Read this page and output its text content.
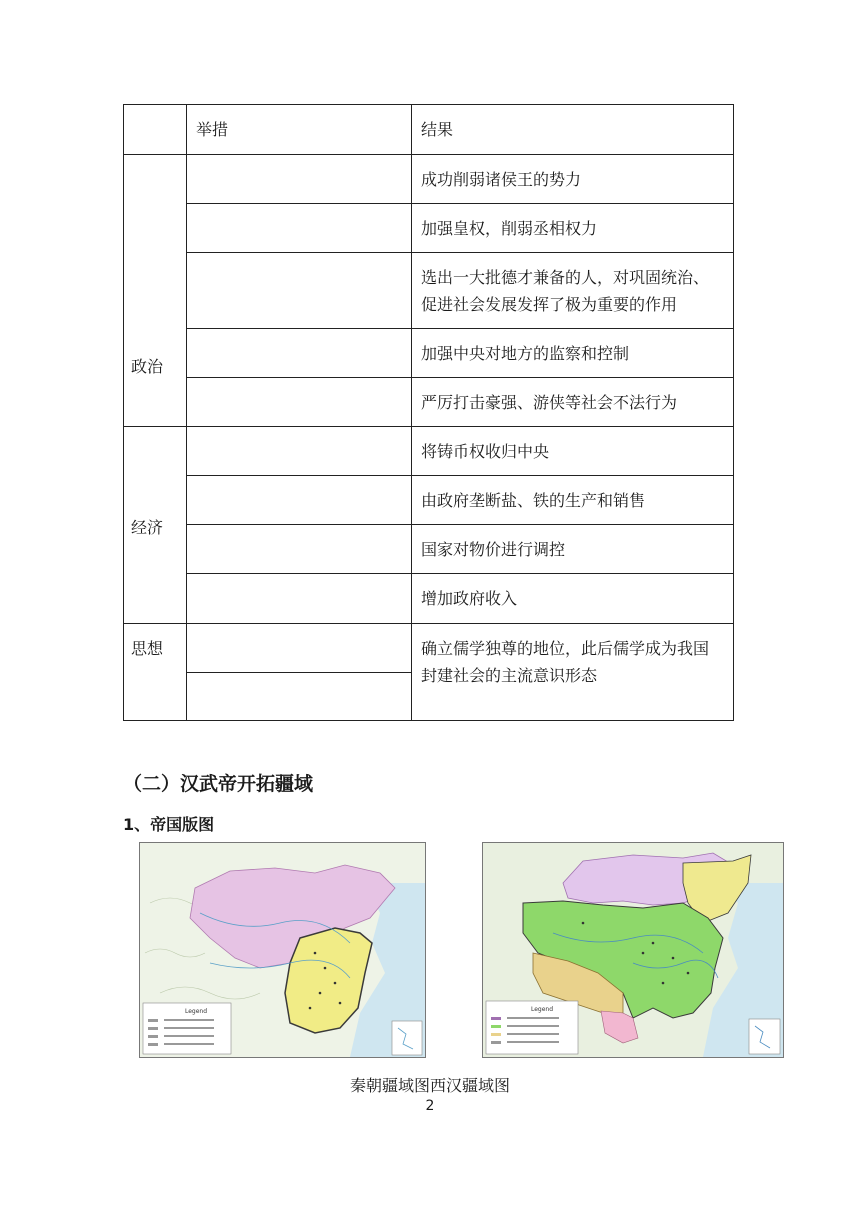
举措	结果
政治
经济
思想
成功削弱诸侯王的势力
加强皇权，削弱丞相权力
选出一大批德才兼备的人，对巩固统治、
促进社会发展发挥了极为重要的作用
加强中央对地方的监察和控制
严厉打击豪强、游侠等社会不法行为
将铸币权收归中央
由政府垄断盐、铁的生产和销售
国家对物价进行调控
增加政府收入
确立儒学独尊的地位，此后儒学成为我国
封建社会的主流意识形态
（二）汉武帝开拓疆域
1、帝国版图
Legend	Legend
秦朝疆域图西汉疆域图
2
